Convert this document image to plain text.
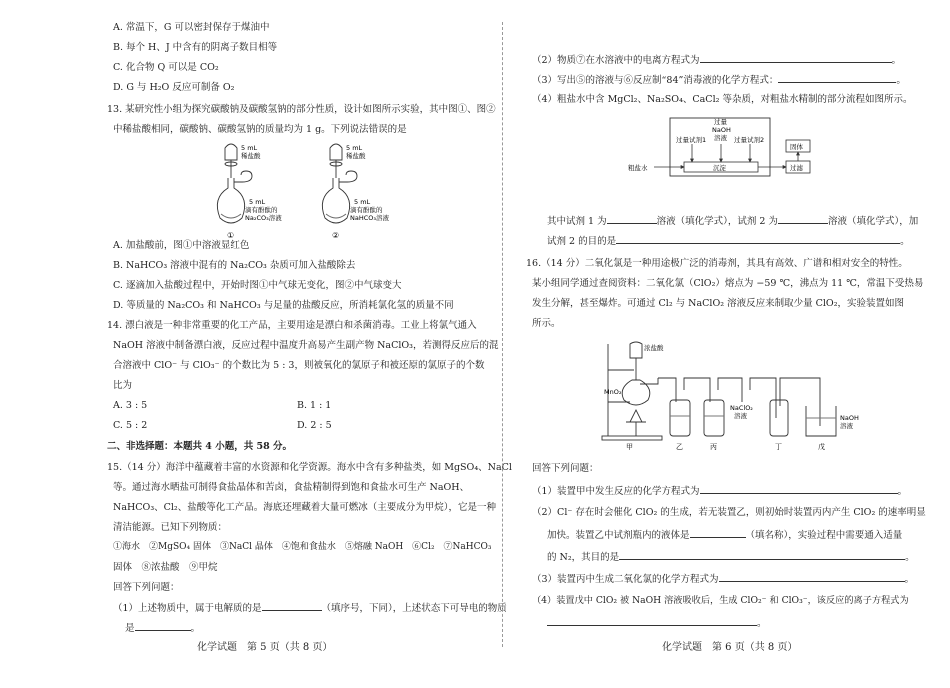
A. 常温下，G 可以密封保存于煤油中
B. 每个 H、J 中含有的阴离子数目相等
C. 化合物 Q 可以是 CO₂
D. G 与 H₂O 反应可制备 O₂
13. 某研究性小组为探究碳酸钠及碳酸氢钠的部分性质，设计如图所示实验，其中图①、图②
中稀盐酸相同，碳酸钠、碳酸氢钠的质量均为 1 g。下列说法错误的是
5 mL
稀盐酸
5 mL
滴有酚酞的
Na₂CO₃溶液
①
5 mL
稀盐酸
5 mL
滴有酚酞的
NaHCO₃溶液
②
A. 加盐酸前，图①中溶液显红色
B. NaHCO₃ 溶液中混有的 Na₂CO₃ 杂质可加入盐酸除去
C. 逐滴加入盐酸过程中，开始时图①中气球无变化，图②中气球变大
D. 等质量的 Na₂CO₃ 和 NaHCO₃ 与足量的盐酸反应，所消耗氯化氢的质量不同
14. 漂白液是一种非常重要的化工产品，主要用途是漂白和杀菌消毒。工业上将氯气通入
NaOH 溶液中制备漂白液，反应过程中温度升高易产生副产物 NaClO₃，若测得反应后的混
合溶液中 ClO⁻ 与 ClO₃⁻ 的个数比为 5 : 3，则被氧化的氯原子和被还原的氯原子的个数
比为
A. 3 : 5	B. 1 : 1
C. 5 : 2	D. 2 : 5
二、非选择题：本题共 4 小题，共 58 分。
15.（14 分）海洋中蕴藏着丰富的水资源和化学资源。海水中含有多种盐类，如 MgSO₄、NaCl
等。通过海水晒盐可制得食盐晶体和苦卤，食盐精制得到饱和食盐水可生产 NaOH、
NaHCO₃、Cl₂、盐酸等化工产品。海底还埋藏着大量可燃冰（主要成分为甲烷），它是一种
清洁能源。已知下列物质：
①海水　②MgSO₄ 固体　③NaCl 晶体　④饱和食盐水　⑤熔融 NaOH　⑥Cl₂　⑦NaHCO₃
固体　⑧浓盐酸　⑨甲烷
回答下列问题：
（1）上述物质中，属于电解质的是	（填序号，下同），上述状态下可导电的物质
（2）物质⑦在水溶液中的电离方程式为	。
（3）写出⑤的溶液与⑥反应制“84”消毒液的化学方程式：	。
（4）粗盐水中含 MgCl₂、Na₂SO₄、CaCl₂ 等杂质，对粗盐水精制的部分流程如图所示。
过量试剂1
过量
NaOH
溶液 过量试剂2
粗盐水	沉淀
固体
过滤
其中试剂 1 为	溶液（填化学式），试剂 2 为	溶液（填化学式），加
试剂 2 的目的是	。
16.（14 分）二氧化氯是一种用途极广泛的消毒剂，其具有高效、广谱和相对安全的特性。
某小组同学通过查阅资料：二氧化氯（ClO₂）熔点为 −59 ℃，沸点为 11 ℃，常温下受热易
发生分解，甚至爆炸。可通过 Cl₂ 与 NaClO₂ 溶液反应来制取少量 ClO₂，实验装置如图
所示。
浓盐酸
MnO₂
NaClO₂
溶液	NaOH
溶液
甲	乙	丙	丁	戊
回答下列问题：
（1）装置甲中发生反应的化学方程式为	。
（2）Cl⁻ 存在时会催化 ClO₂ 的生成，若无装置乙，则初始时装置丙内产生 ClO₂ 的速率明显
加快。装置乙中试剂瓶内的液体是	（填名称），实验过程中需要通入适量
的 N₂，其目的是	。
（3）装置丙中生成二氧化氯的化学方程式为	。
（4）装置戊中 ClO₂ 被 NaOH 溶液吸收后，生成 ClO₂⁻ 和 ClO₃⁻，该反应的离子方程式为
。
是	。
化学试题　第 5 页（共 8 页）	化学试题　第 6 页（共 8 页）
